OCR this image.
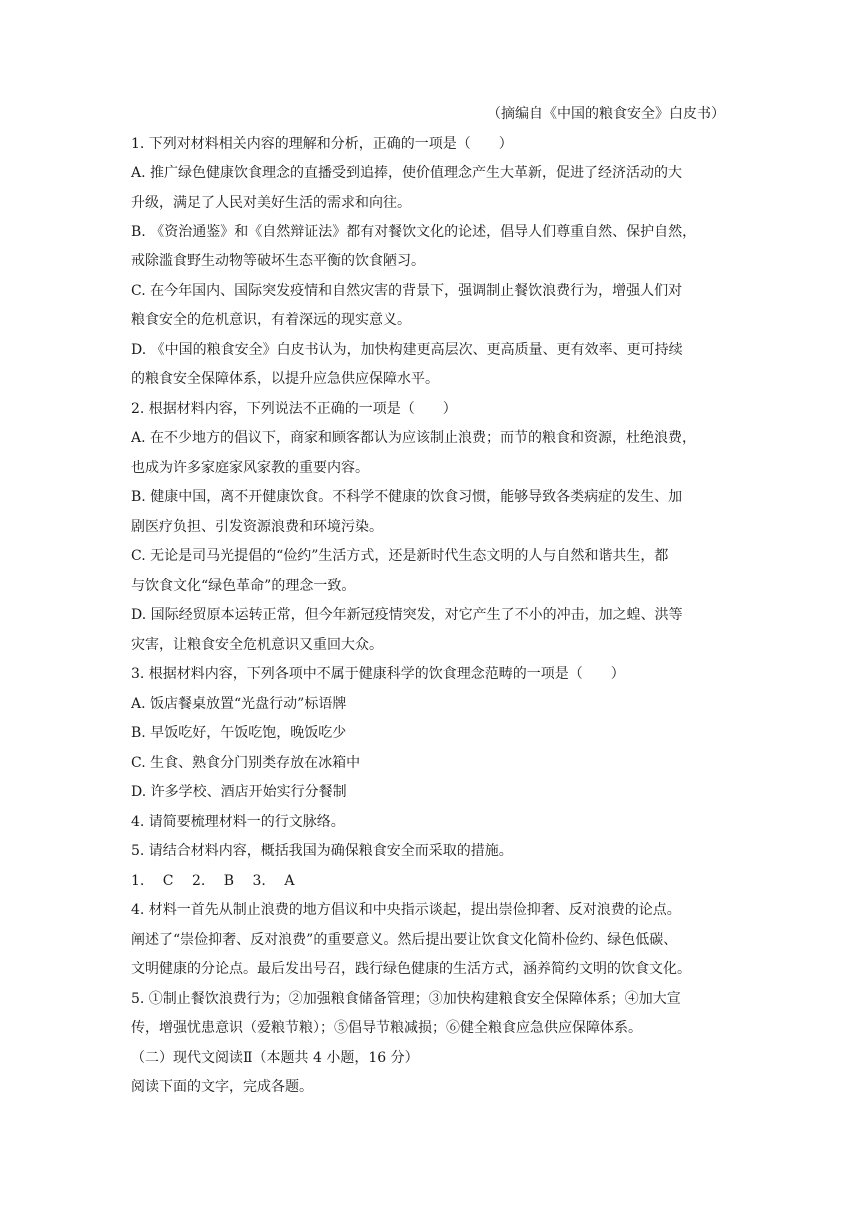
（摘编自《中国的粮食安全》白皮书）
1. 下列对材料相关内容的理解和分析，正确的一项是（　　）
A. 推广绿色健康饮食理念的直播受到追捧，使价值理念产生大革新，促进了经济活动的大
升级，满足了人民对美好生活的需求和向往。
B. 《资治通鉴》和《自然辩证法》都有对餐饮文化的论述，倡导人们尊重自然、保护自然，
戒除滥食野生动物等破坏生态平衡的饮食陋习。
C. 在今年国内、国际突发疫情和自然灾害的背景下，强调制止餐饮浪费行为，增强人们对
粮食安全的危机意识，有着深远的现实意义。
D. 《中国的粮食安全》白皮书认为，加快构建更高层次、更高质量、更有效率、更可持续
的粮食安全保障体系，以提升应急供应保障水平。
2. 根据材料内容，下列说法不正确的一项是（　　）
A. 在不少地方的倡议下，商家和顾客都认为应该制止浪费；而节的粮食和资源，杜绝浪费，
也成为许多家庭家风家教的重要内容。
B. 健康中国，离不开健康饮食。不科学不健康的饮食习惯，能够导致各类病症的发生、加
剧医疗负担、引发资源浪费和环境污染。
C. 无论是司马光提倡的“俭约”生活方式，还是新时代生态文明的人与自然和谐共生，都
与饮食文化“绿色革命”的理念一致。
D. 国际经贸原本运转正常，但今年新冠疫情突发，对它产生了不小的冲击，加之蝗、洪等
灾害，让粮食安全危机意识又重回大众。
3. 根据材料内容，下列各项中不属于健康科学的饮食理念范畴的一项是（　　）
A. 饭店餐桌放置“光盘行动”标语牌
B. 早饭吃好，午饭吃饱，晚饭吃少
C. 生食、熟食分门别类存放在冰箱中
D. 许多学校、酒店开始实行分餐制
4. 请简要梳理材料一的行文脉络。
5. 请结合材料内容，概括我国为确保粮食安全而采取的措施。
1. C 2. B 3. A
4. 材料一首先从制止浪费的地方倡议和中央指示谈起，提出崇俭抑奢、反对浪费的论点。
阐述了“崇俭抑奢、反对浪费”的重要意义。然后提出要让饮食文化简朴俭约、绿色低碳、
文明健康的分论点。最后发出号召，践行绿色健康的生活方式，涵养简约文明的饮食文化。
5. ①制止餐饮浪费行为；②加强粮食储备管理；③加快构建粮食安全保障体系；④加大宣
传，增强忧患意识（爱粮节粮）；⑤倡导节粮减损；⑥健全粮食应急供应保障体系。
（二）现代文阅读Ⅱ（本题共 4 小题，16 分）
阅读下面的文字，完成各题。
